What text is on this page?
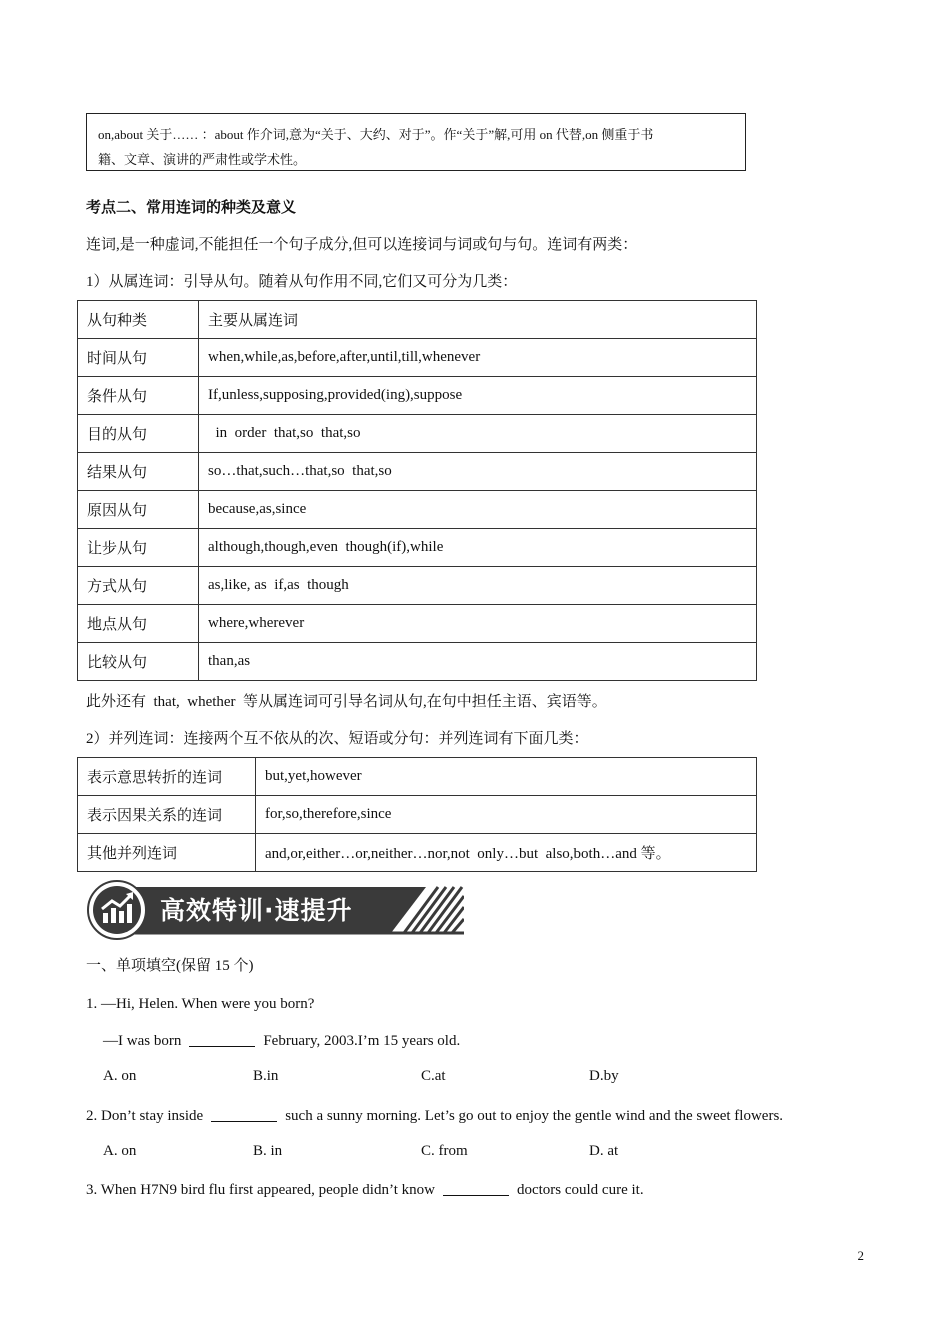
on,about 关于…… ：about 作介词,意为“关于、大约、对于”。作“关于”解,可用 on 代替,on 侧重于书
籍、文章、演讲的严肃性或学术性。
考点二、常用连词的种类及意义
连词,是一种虚词,不能担任一个句子成分,但可以连接词与词或句与句。连词有两类：
1）从属连词：引导从句。随着从句作用不同,它们又可分为几类：
从句种类	主要从属连词
时间从句	when,while,as,before,after,until,till,whenever
条件从句	If,unless,supposing,provided(ing),suppose
目的从句	in  order  that,so  that,so
结果从句	so…that,such…that,so  that,so
原因从句	because,as,since
让步从句	although,though,even  though(if),while
方式从句	as,like, as  if,as  though
地点从句	where,wherever
比较从句	than,as
此外还有  that,  whether  等从属连词可引导名词从句,在句中担任主语、宾语等。
2）并列连词：连接两个互不依从的次、短语或分句：并列连词有下面几类：
表示意思转折的连词	but,yet,however
表示因果关系的连词	for,so,therefore,since
其他并列连词	and,or,either…or,neither…nor,not  only…but  also,both…and 等。
高效特训·速提升
一、单项填空(保留 15 个)
1. —Hi, Helen. When were you born?
—I was born	February, 2003.I’m 15 years old.
A. on	B.in	C.at	D.by
2. Don’t stay inside	such a sunny morning. Let’s go out to enjoy the gentle wind and the sweet flowers.
A. on	B. in	C. from	D. at
3. When H7N9 bird flu first appeared, people didn’t know	doctors could cure it.
2
